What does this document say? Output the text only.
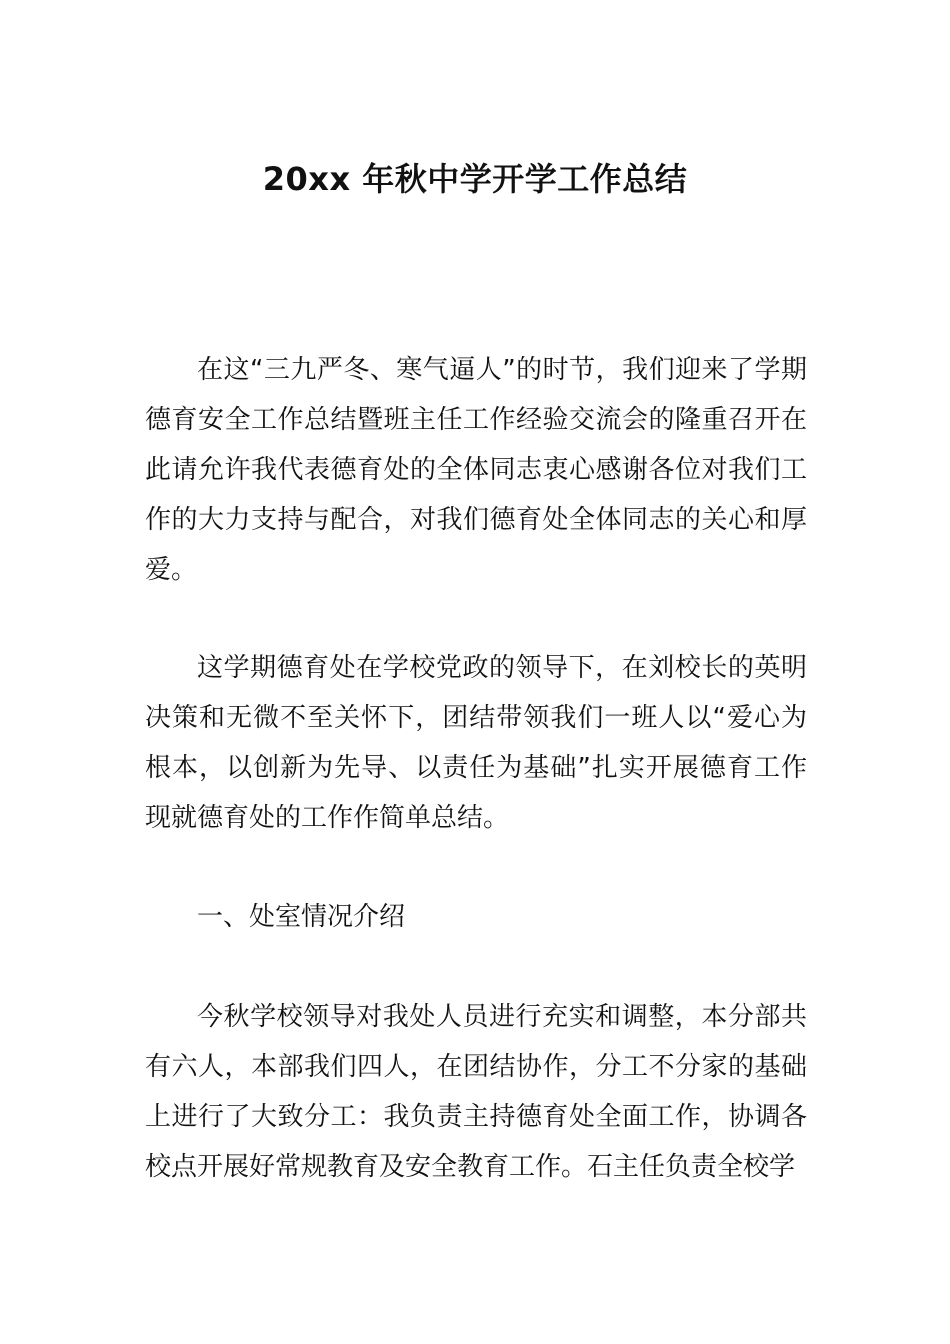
20xx 年秋中学开学工作总结

在这“三九严冬、寒气逼人”的时节，我们迎来了学期德育安全工作总结暨班主任工作经验交流会的隆重召开在此请允许我代表德育处的全体同志衷心感谢各位对我们工作的大力支持与配合，对我们德育处全体同志的关心和厚爱。

这学期德育处在学校党政的领导下，在刘校长的英明决策和无微不至关怀下，团结带领我们一班人以“爱心为根本，以创新为先导、以责任为基础”扎实开展德育工作现就德育处的工作作简单总结。

一、处室情况介绍

今秋学校领导对我处人员进行充实和调整，本分部共有六人，本部我们四人，在团结协作，分工不分家的基础上进行了大致分工：我负责主持德育处全面工作，协调各校点开展好常规教育及安全教育工作。石主任负责全校学
